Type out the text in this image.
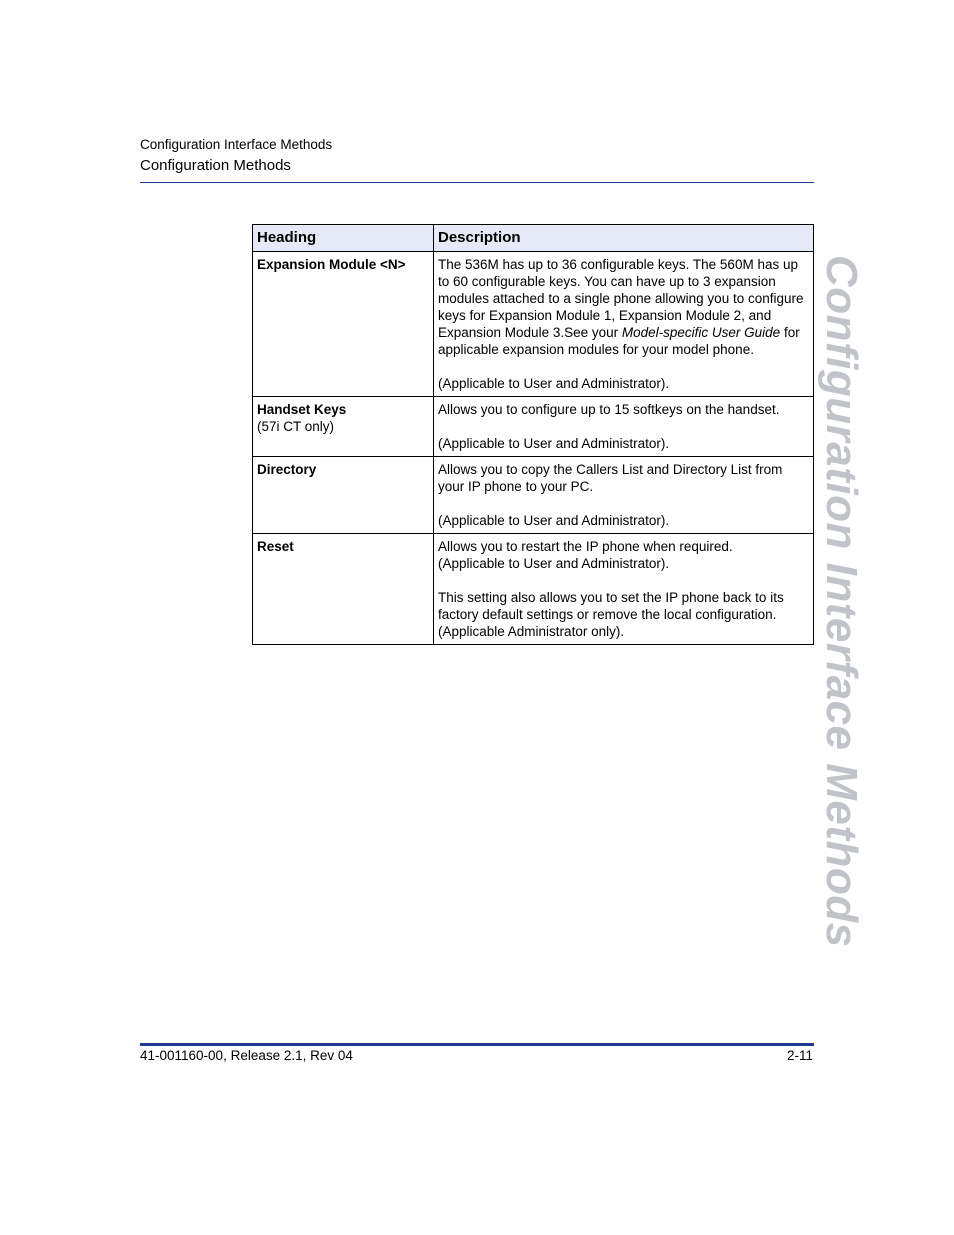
Configuration Interface Methods
Configuration Methods
Heading	Description

Expansion Module <N>	The 536M has up to 36 configurable keys. The 560M has up to 60 configurable keys. You can have up to 3 expansion modules attached to a single phone allowing you to configure keys for Expansion Module 1, Expansion Module 2, and Expansion Module 3.See your Model-specific User Guide for applicable expansion modules for your model phone.
(Applicable to User and Administrator).

Handset Keys
(57i CT only)	Allows you to configure up to 15 softkeys on the handset.
(Applicable to User and Administrator).

Directory	Allows you to copy the Callers List and Directory List from your IP phone to your PC.
(Applicable to User and Administrator).

Reset	Allows you to restart the IP phone when required.
(Applicable to User and Administrator).
This setting also allows you to set the IP phone back to its factory default settings or remove the local configuration.
(Applicable Administrator only).	Configuration Interface Methods
41-001160-00, Release 2.1, Rev 04	2-11
